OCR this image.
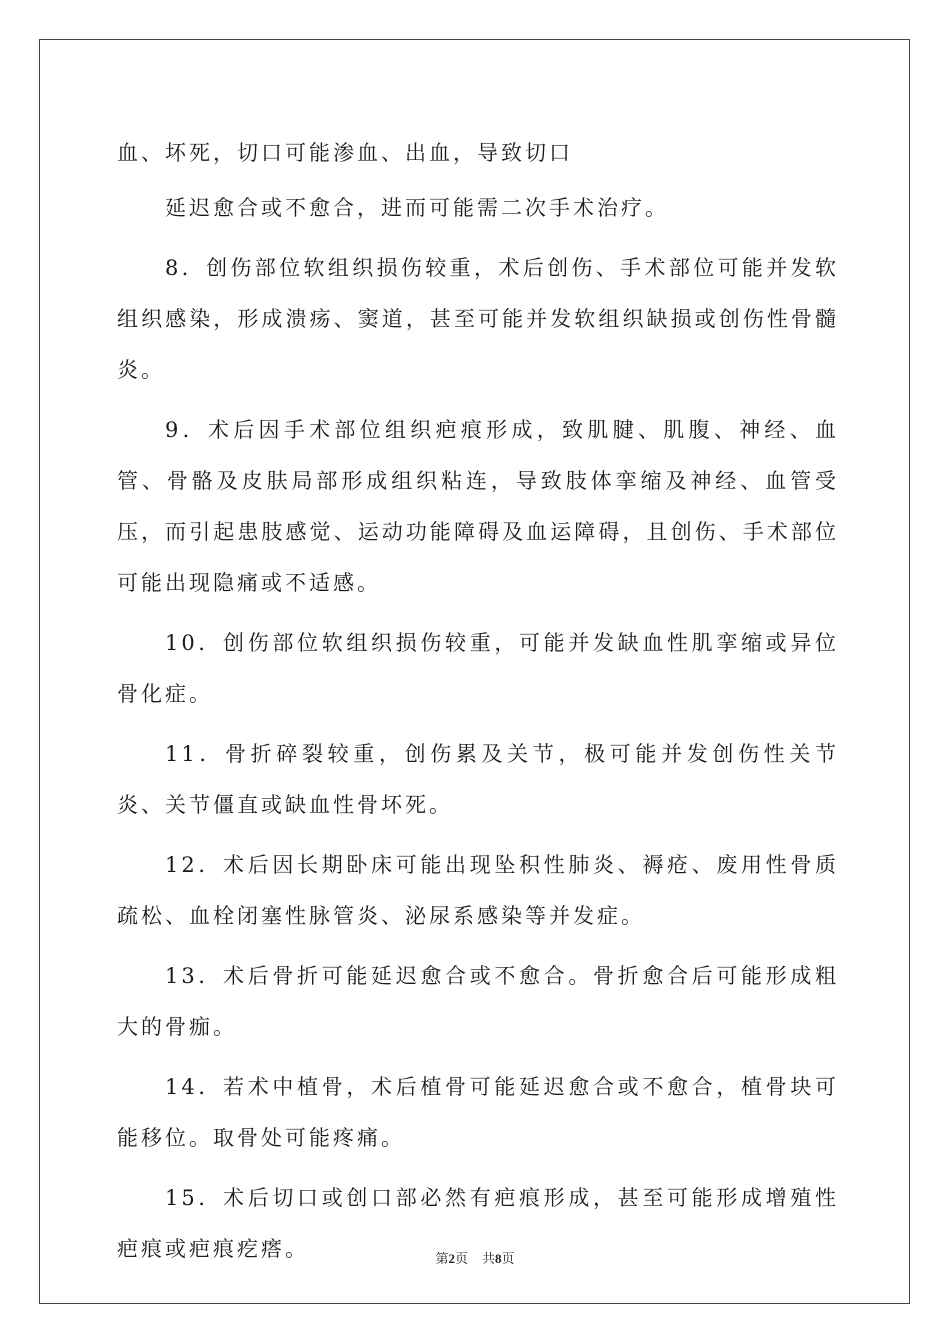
血、坏死，切口可能渗血、出血，导致切口

延迟愈合或不愈合，进而可能需二次手术治疗。

8．创伤部位软组织损伤较重，术后创伤、手术部位可能并发软组织感染，形成溃疡、窦道，甚至可能并发软组织缺损或创伤性骨髓炎。

9．术后因手术部位组织疤痕形成，致肌腱、肌腹、神经、血管、骨骼及皮肤局部形成组织粘连，导致肢体挛缩及神经、血管受压，而引起患肢感觉、运动功能障碍及血运障碍，且创伤、手术部位可能出现隐痛或不适感。

10．创伤部位软组织损伤较重，可能并发缺血性肌挛缩或异位骨化症。

11．骨折碎裂较重，创伤累及关节，极可能并发创伤性关节炎、关节僵直或缺血性骨坏死。

12．术后因长期卧床可能出现坠积性肺炎、褥疮、废用性骨质疏松、血栓闭塞性脉管炎、泌尿系感染等并发症。

13．术后骨折可能延迟愈合或不愈合。骨折愈合后可能形成粗大的骨痂。

14．若术中植骨，术后植骨可能延迟愈合或不愈合，植骨块可能移位。取骨处可能疼痛。

15．术后切口或创口部必然有疤痕形成，甚至可能形成增殖性疤痕或疤痕疙瘩。	第2页 共8页
